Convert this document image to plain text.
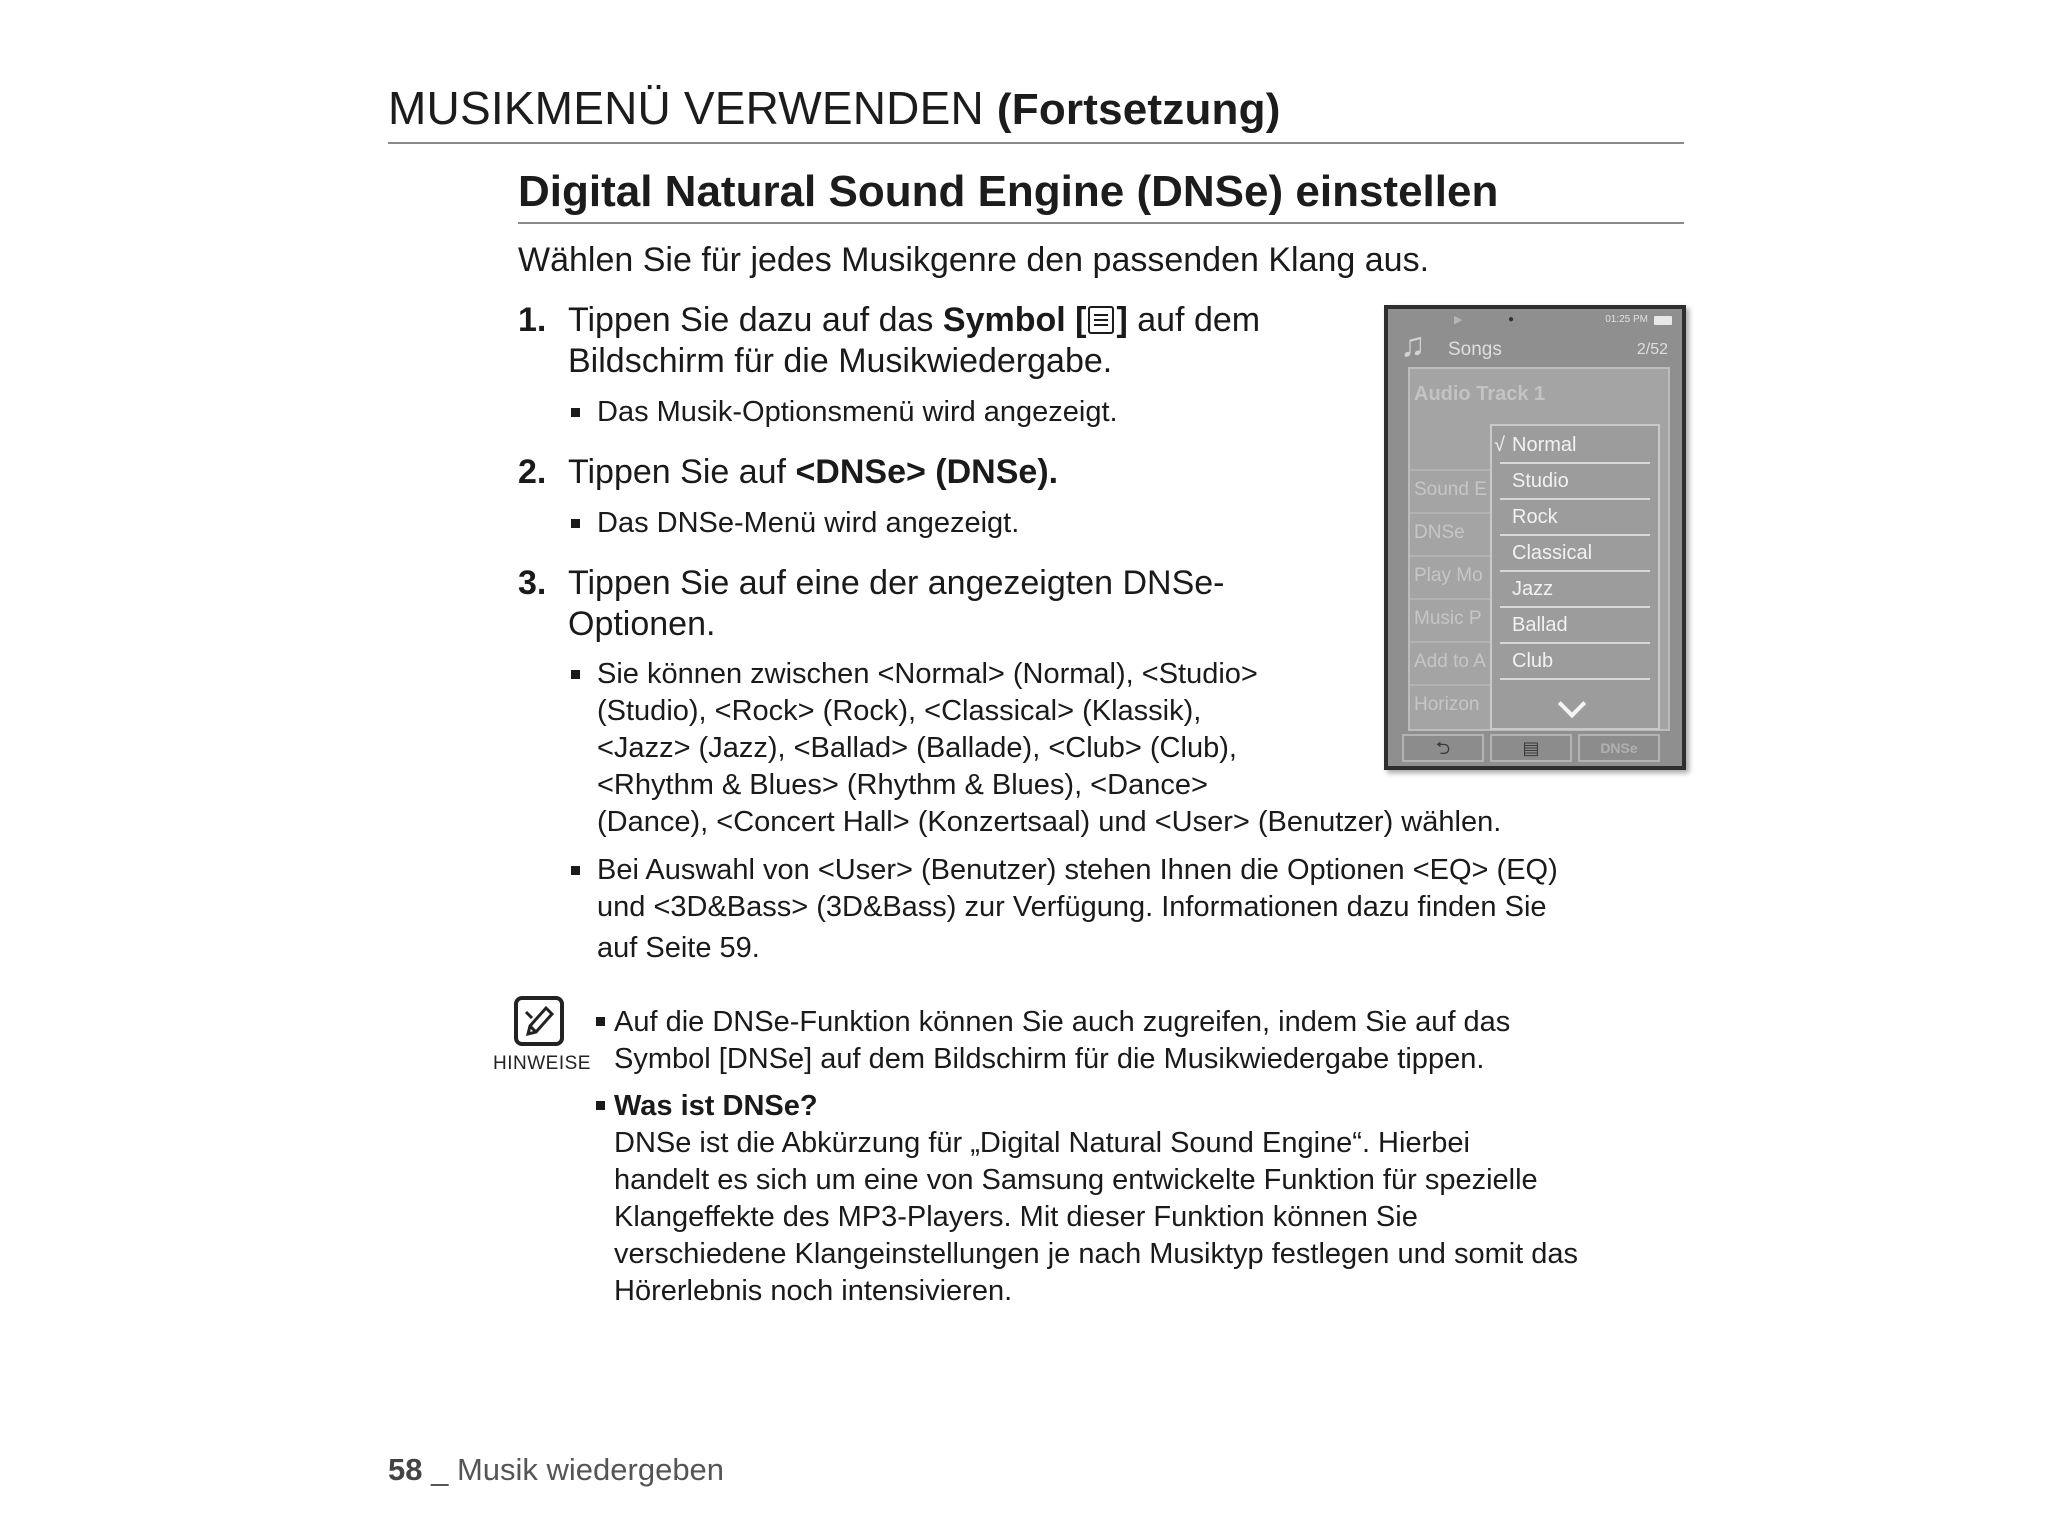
MUSIKMENÜ VERWENDEN (Fortsetzung)
Digital Natural Sound Engine (DNSe) einstellen
Wählen Sie für jedes Musikgenre den passenden Klang aus.
1. Tippen Sie dazu auf das Symbol [ ] auf dem
Bildschirm für die Musikwiedergabe.
Das Musik-Optionsmenü wird angezeigt.
2. Tippen Sie auf <DNSe> (DNSe).
Das DNSe-Menü wird angezeigt.
3. Tippen Sie auf eine der angezeigten DNSe-
Optionen.
Sie können zwischen <Normal> (Normal), <Studio>
(Studio), <Rock> (Rock), <Classical> (Klassik),
<Jazz> (Jazz), <Ballad> (Ballade), <Club> (Club),
<Rhythm & Blues> (Rhythm & Blues), <Dance>
(Dance), <Concert Hall> (Konzertsaal) und <User> (Benutzer) wählen.
Bei Auswahl von <User> (Benutzer) stehen Ihnen die Optionen <EQ> (EQ)
und <3D&Bass> (3D&Bass) zur Verfügung. Informationen dazu finden Sie
auf Seite 59.
▶	●	01:25 PM
♫ Songs	2/52
Audio Track 1
Sound E
DNSe
Play Mo
Music P
Add to A
Horizon
√ Normal
Studio
Rock
Classical
Jazz
Ballad
Club
⮌	▤	DNSe
HINWEISE
Auf die DNSe-Funktion können Sie auch zugreifen, indem Sie auf das
Symbol [DNSe] auf dem Bildschirm für die Musikwiedergabe tippen.
Was ist DNSe?
DNSe ist die Abkürzung für „Digital Natural Sound Engine“. Hierbei
handelt es sich um eine von Samsung entwickelte Funktion für spezielle
Klangeffekte des MP3-Players. Mit dieser Funktion können Sie
verschiedene Klangeinstellungen je nach Musiktyp festlegen und somit das
Hörerlebnis noch intensivieren.
58 _ Musik wiedergeben
